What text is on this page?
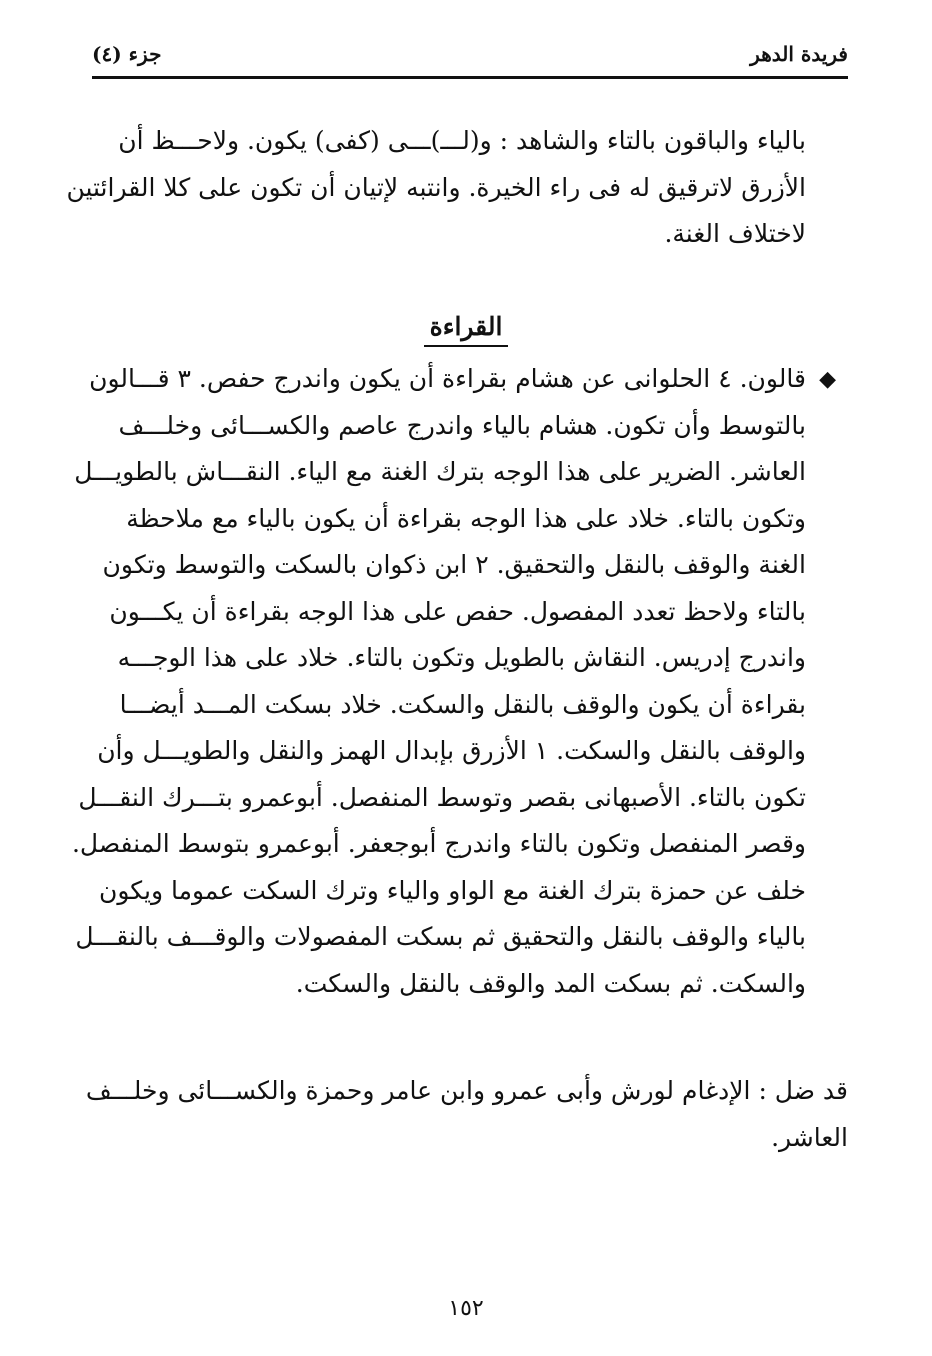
فريدة الدهر
جزء (٤)
بالياء والباقون بالتاء والشاهد : و(لـــ)ـــى (كفى) يكون. ولاحـــظ أن
الأزرق لاترقيق له فى راء الخيرة. وانتبه لإتيان أن تكون على كلا القرائتين
لاختلاف الغنة.
القراءة
◆
قالون. ٤ الحلوانى عن هشام بقراءة أن يكون واندرج حفص. ٣ قـــالون
بالتوسط وأن تكون. هشام بالياء واندرج عاصم والكســـائى وخلـــف
العاشر. الضرير على هذا الوجه بترك الغنة مع الياء. النقـــاش بالطويـــل
وتكون بالتاء. خلاد على هذا الوجه بقراءة أن يكون بالياء مع ملاحظة
الغنة والوقف بالنقل والتحقيق. ٢ ابن ذكوان بالسكت والتوسط وتكون
بالتاء ولاحظ تعدد المفصول. حفص على هذا الوجه بقراءة أن يكـــون
واندرج إدريس. النقاش بالطويل وتكون بالتاء. خلاد على هذا الوجـــه
بقراءة أن يكون والوقف بالنقل والسكت. خلاد بسكت المـــد أيضـــا
والوقف بالنقل والسكت. ١ الأزرق بإبدال الهمز والنقل والطويـــل وأن
تكون بالتاء. الأصبهانى بقصر وتوسط المنفصل. أبوعمرو بتـــرك النقـــل
وقصر المنفصل وتكون بالتاء واندرج أبوجعفر. أبوعمرو بتوسط المنفصل.
خلف عن حمزة بترك الغنة مع الواو والياء وترك السكت عموما ويكون
بالياء والوقف بالنقل والتحقيق ثم بسكت المفصولات والوقـــف بالنقـــل
والسكت. ثم بسكت المد والوقف بالنقل والسكت.
قد ضل : الإدغام لورش وأبى عمرو وابن عامر وحمزة والكســـائى وخلـــف
العاشر.
١٥٢
